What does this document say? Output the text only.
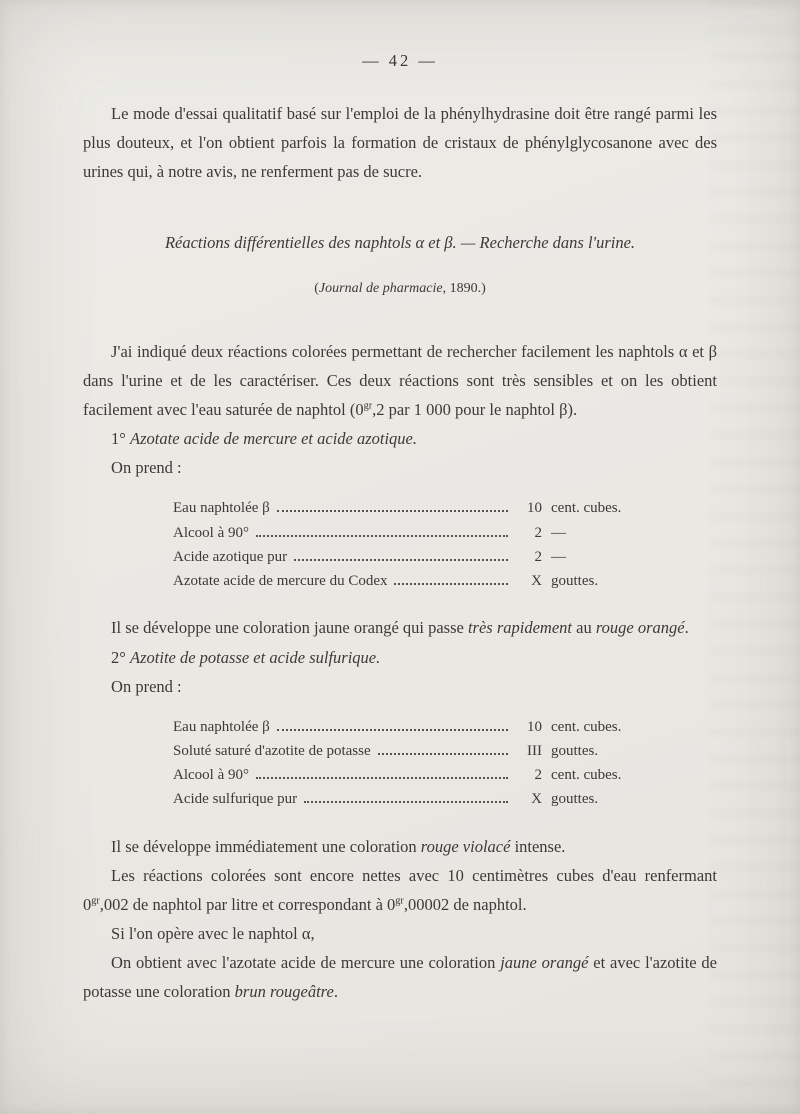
— 42 —

Le mode d'essai qualitatif basé sur l'emploi de la phénylhydrasine doit être rangé parmi les plus douteux, et l'on obtient parfois la formation de cristaux de phénylglycosanone avec des urines qui, à notre avis, ne renferment pas de sucre.

Réactions différentielles des naphtols α et β. — Recherche dans l'urine.
(Journal de pharmacie, 1890.)

J'ai indiqué deux réactions colorées permettant de rechercher facilement les naphtols α et β dans l'urine et de les caractériser. Ces deux réactions sont très sensibles et on les obtient facilement avec l'eau saturée de naphtol ($0^{gr},2$ par 1 000 pour le naphtol β).

1° Azotate acide de mercure et acide azotique.

On prend :

Eau naphtolée β	10 cent. cubes.
Alcool à 90°	2 —
Acide azotique pur	2 —
Azotate acide de mercure du Codex	X gouttes.

Il se développe une coloration jaune orangé qui passe très rapidement au rouge orangé.

2° Azotite de potasse et acide sulfurique.

On prend :

Eau naphtolée β	10 cent. cubes.
Soluté saturé d'azotite de potasse	III gouttes.
Alcool à 90°	2 cent. cubes.
Acide sulfurique pur	X gouttes.

Il se développe immédiatement une coloration rouge violacé intense.

Les réactions colorées sont encore nettes avec 10 centimètres cubes d'eau renfermant $0^{gr},002$ de naphtol par litre et correspondant à $0^{gr},00002$ de naphtol.

Si l'on opère avec le naphtol α,

On obtient avec l'azotate acide de mercure une coloration jaune orangé et avec l'azotite de potasse une coloration brun rougeâtre.
